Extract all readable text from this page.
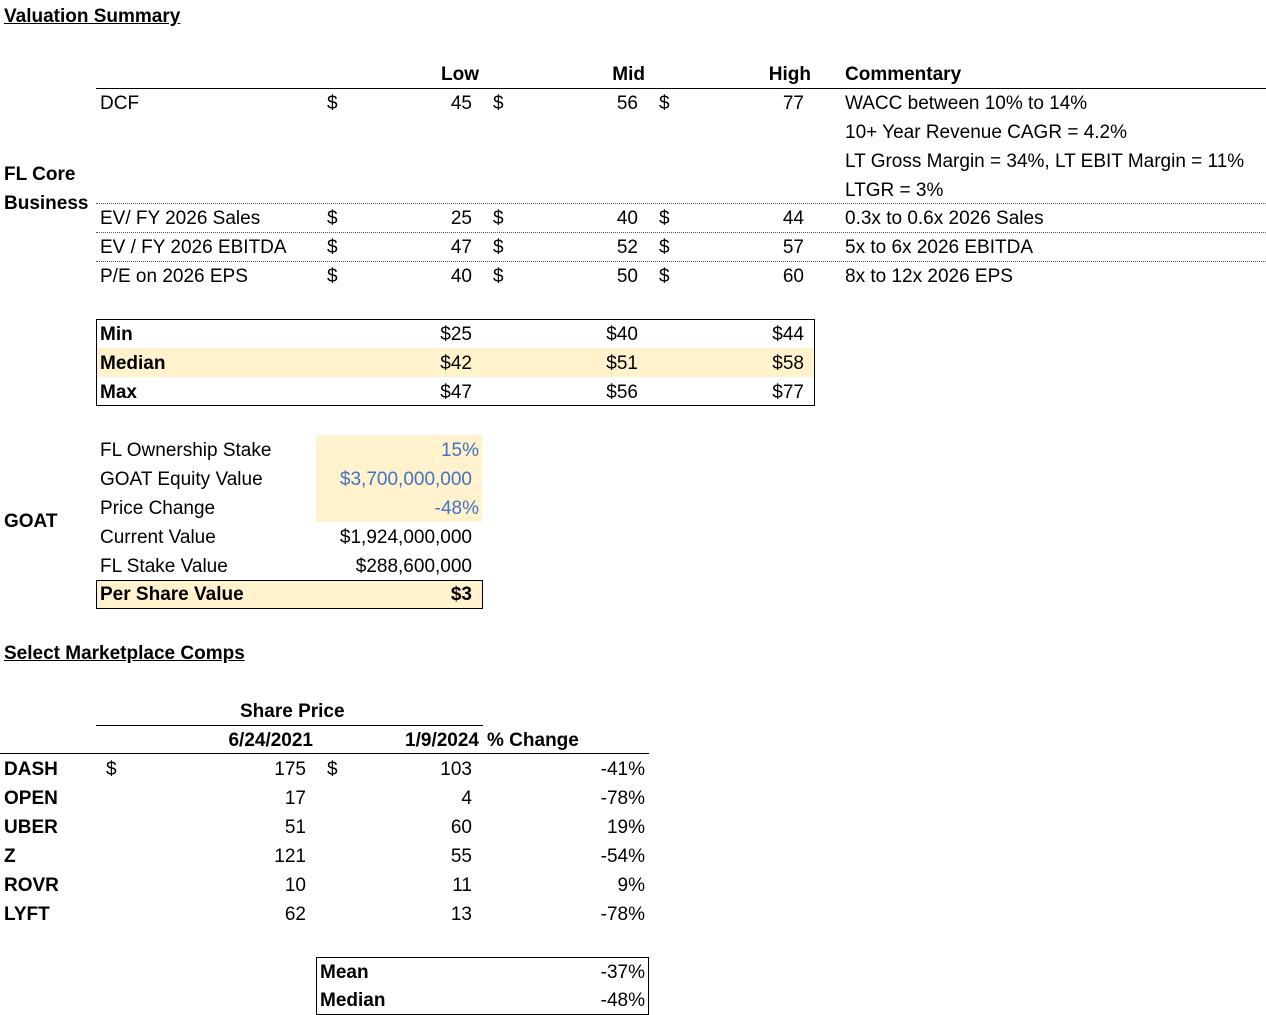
Valuation Summary
Low	Mid	High Commentary
FL Core Business
DCF	$	45 $	56 $	77 WACC between 10% to 14%
10+ Year Revenue CAGR = 4.2%
LT Gross Margin = 34%, LT EBIT Margin = 11%
LTGR = 3%
EV/ FY 2026 Sales	$	25 $	40 $	44 0.3x to 0.6x 2026 Sales
EV / FY 2026 EBITDA $	47 $	52 $	57 5x to 6x 2026 EBITDA
P/E on 2026 EPS	$	40 $	50 $	60 8x to 12x 2026 EPS
Min	$25	$40	$44
Median	$42	$51	$58
Max	$47	$56	$77
GOAT
FL Ownership Stake	15%
GOAT Equity Value	$3,700,000,000
Price Change	-48%
Current Value	$1,924,000,000
FL Stake Value	$288,600,000
Per Share Value	$3
Select Marketplace Comps
Share Price
6/24/2021	1/9/2024 % Change
$	$
DASH	175	103	-41%
OPEN	17	4	-78%
UBER	51	60	19%
Z	121	55	-54%
ROVR	10	11	9%
LYFT	62	13	-78%
Mean	-37%
Median	-48%
